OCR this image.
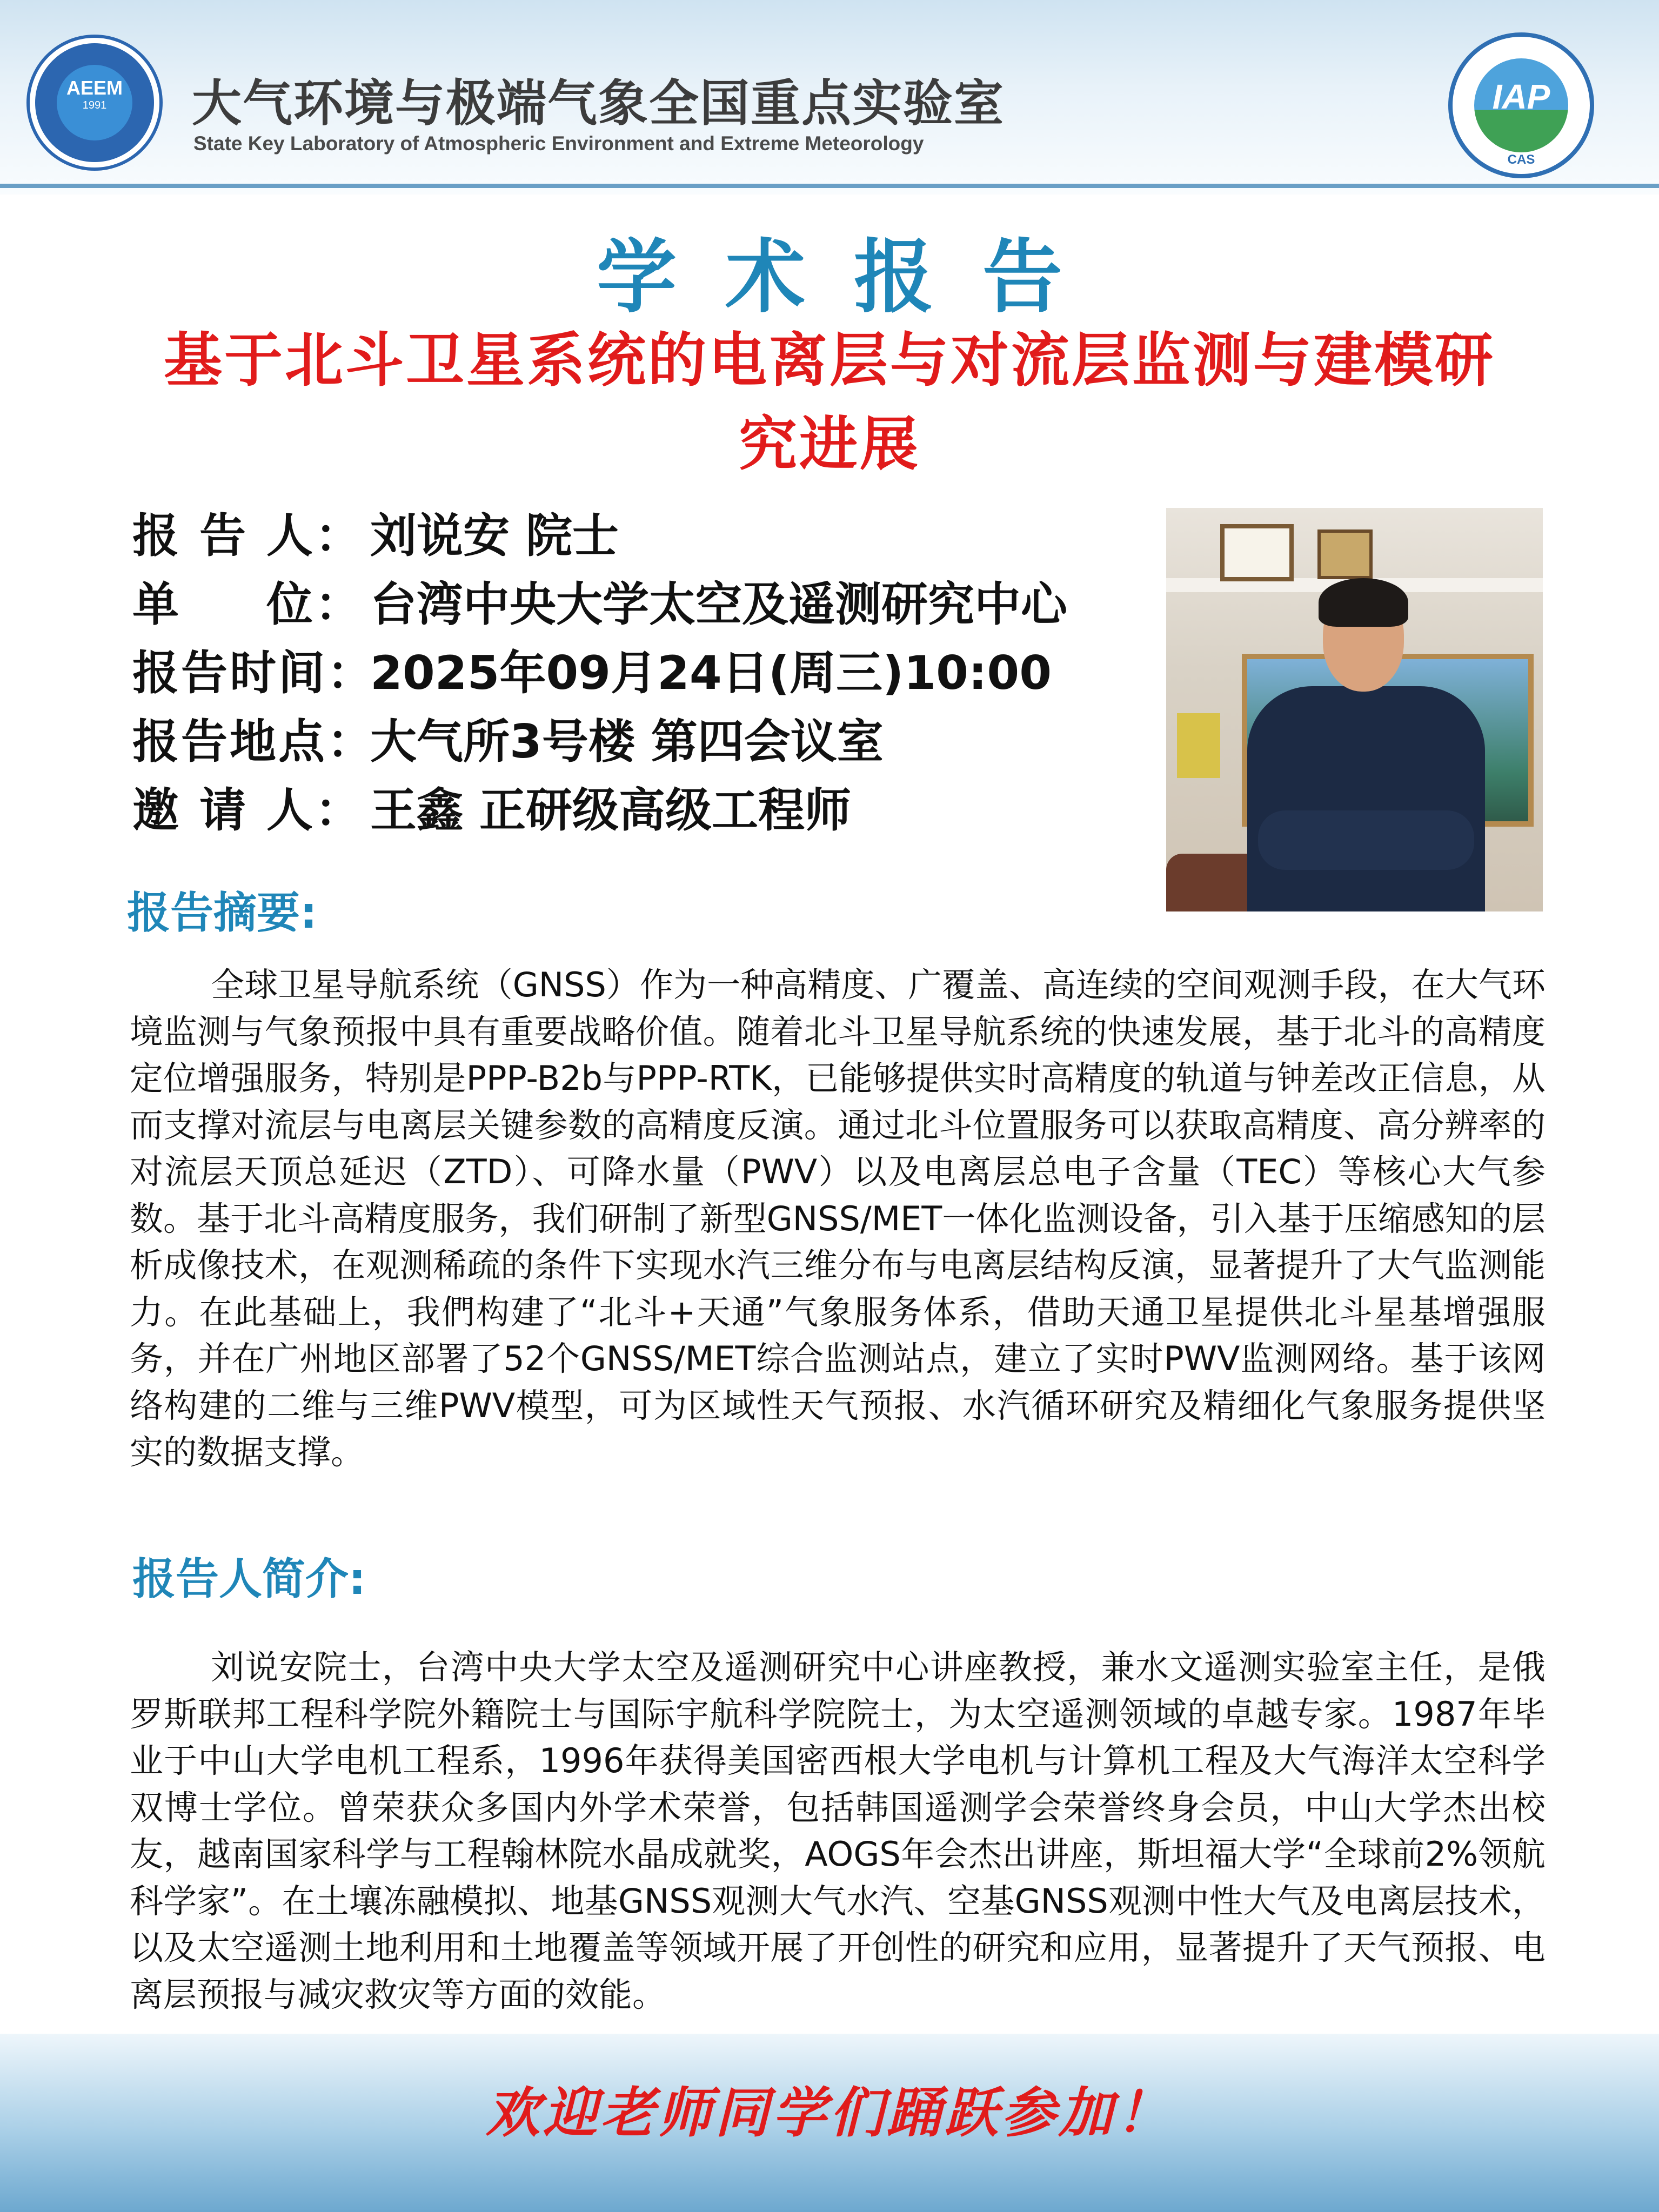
AEEM
1991	大气环境与极端气象全国重点实验室
State Key Laboratory of Atmospheric Environment and Extreme Meteorology
IAP
CAS
学术报告
基于北斗卫星系统的电离层与对流层监测与建模研究进展
报 告 人： 刘说安 院士
单 　 位： 台湾中央大学太空及遥测研究中心
报告时间：
2025年09月24日(周三)10:00
报告地点：
大气所3号楼 第四会议室
邀 请 人： 王鑫 正研级高级工程师
报告摘要:
全球卫星导航系统（GNSS）作为一种高精度、广覆盖、高连续的空间观测手段，在大气环境监测与气象预报中具有重要战略价值。随着北斗卫星导航系统的快速发展，基于北斗的高精度定位增强服务，特别是PPP-B2b与PPP-RTK，已能够提供实时高精度的轨道与钟差改正信息，从而支撑对流层与电离层关键参数的高精度反演。通过北斗位置服务可以获取高精度、高分辨率的对流层天顶总延迟（ZTD）、可降水量（PWV）以及电离层总电子含量（TEC）等核心大气参数。基于北斗高精度服务，我们研制了新型GNSS/MET一体化监测设备，引入基于压缩感知的层析成像技术，在观测稀疏的条件下实现水汽三维分布与电离层结构反演，显著提升了大气监测能力。在此基础上，我們构建了“北斗+天通”气象服务体系，借助天通卫星提供北斗星基增强服务，并在广州地区部署了52个GNSS/MET综合监测站点，建立了实时PWV监测网络。基于该网络构建的二维与三维PWV模型，可为区域性天气预报、水汽循环研究及精细化气象服务提供坚实的数据支撑。
报告人简介:
刘说安院士，台湾中央大学太空及遥测研究中心讲座教授，兼水文遥测实验室主任，是俄罗斯联邦工程科学院外籍院士与国际宇航科学院院士，为太空遥测领域的卓越专家。1987年毕业于中山大学电机工程系，1996年获得美国密西根大学电机与计算机工程及大气海洋太空科学双博士学位。曾荣获众多国内外学术荣誉，包括韩国遥测学会荣誉终身会员，中山大学杰出校友，越南国家科学与工程翰林院水晶成就奖，AOGS年会杰出讲座，斯坦福大学“全球前2%领航科学家”。在土壤冻融模拟、地基GNSS观测大气水汽、空基GNSS观测中性大气及电离层技术，以及太空遥测土地利用和土地覆盖等领域开展了开创性的研究和应用，显著提升了天气预报、电离层预报与减灾救灾等方面的效能。
欢迎老师同学们踊跃参加！
